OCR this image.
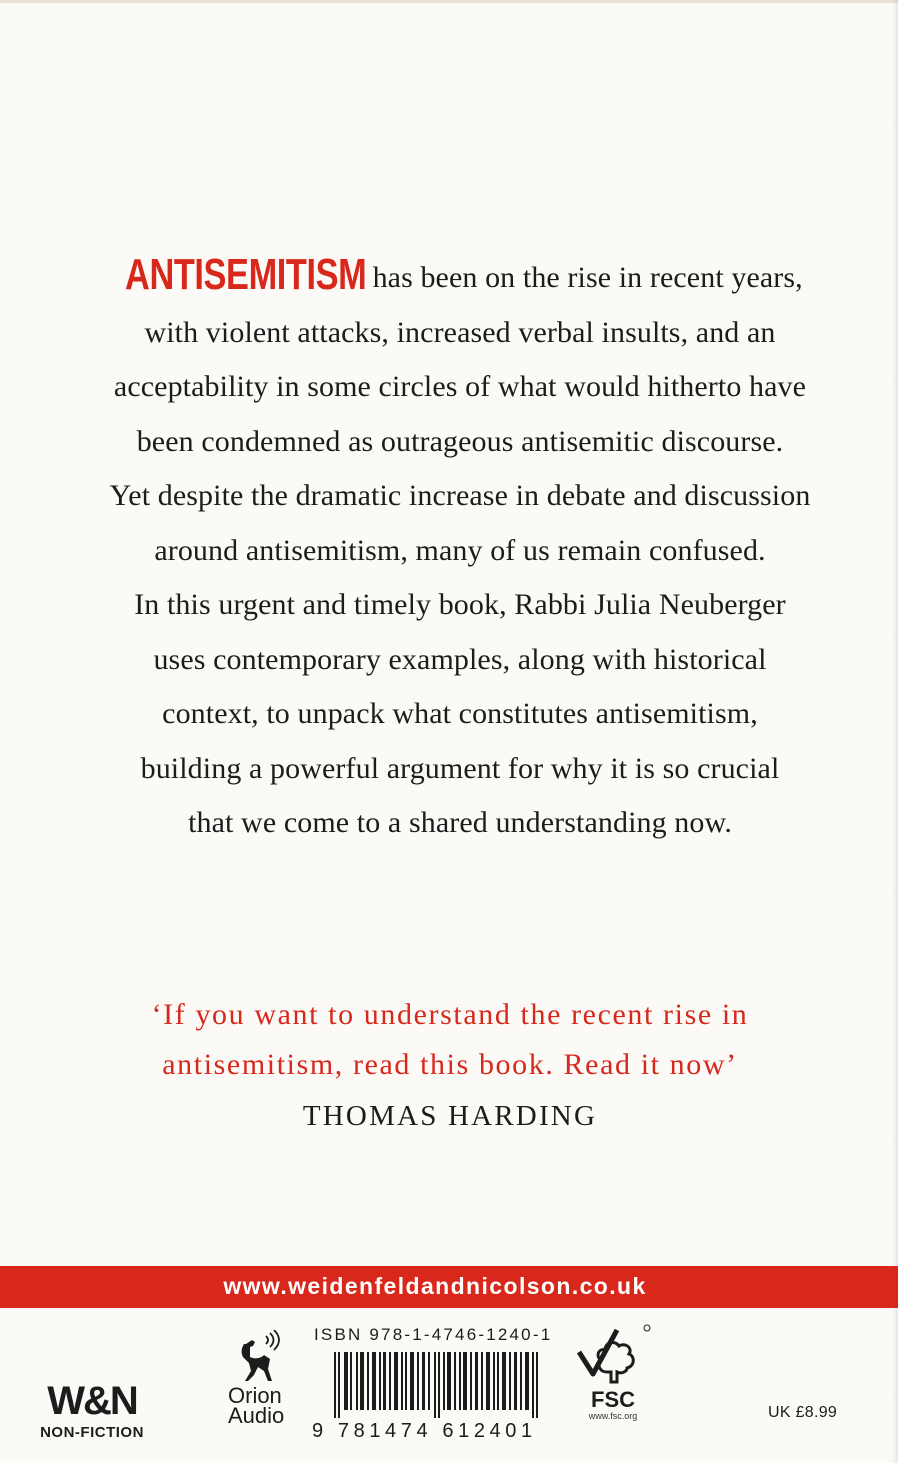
ANTISEMITISM has been on the rise in recent years,
with violent attacks, increased verbal insults, and an
acceptability in some circles of what would hitherto have
been condemned as outrageous antisemitic discourse.
Yet despite the dramatic increase in debate and discussion
around antisemitism, many of us remain confused.
In this urgent and timely book, Rabbi Julia Neuberger
uses contemporary examples, along with historical
context, to unpack what constitutes antisemitism,
building a powerful argument for why it is so crucial
that we come to a shared understanding now.
‘If you want to understand the recent rise in
antisemitism, read this book. Read it now’
THOMAS HARDING
www.weidenfeldandnicolson.co.uk
W&N
NON-FICTION
Orion
Audio
ISBN 978-1-4746-1240-1
9 781474 612401
FSC
www.fsc.org	UK £8.99
